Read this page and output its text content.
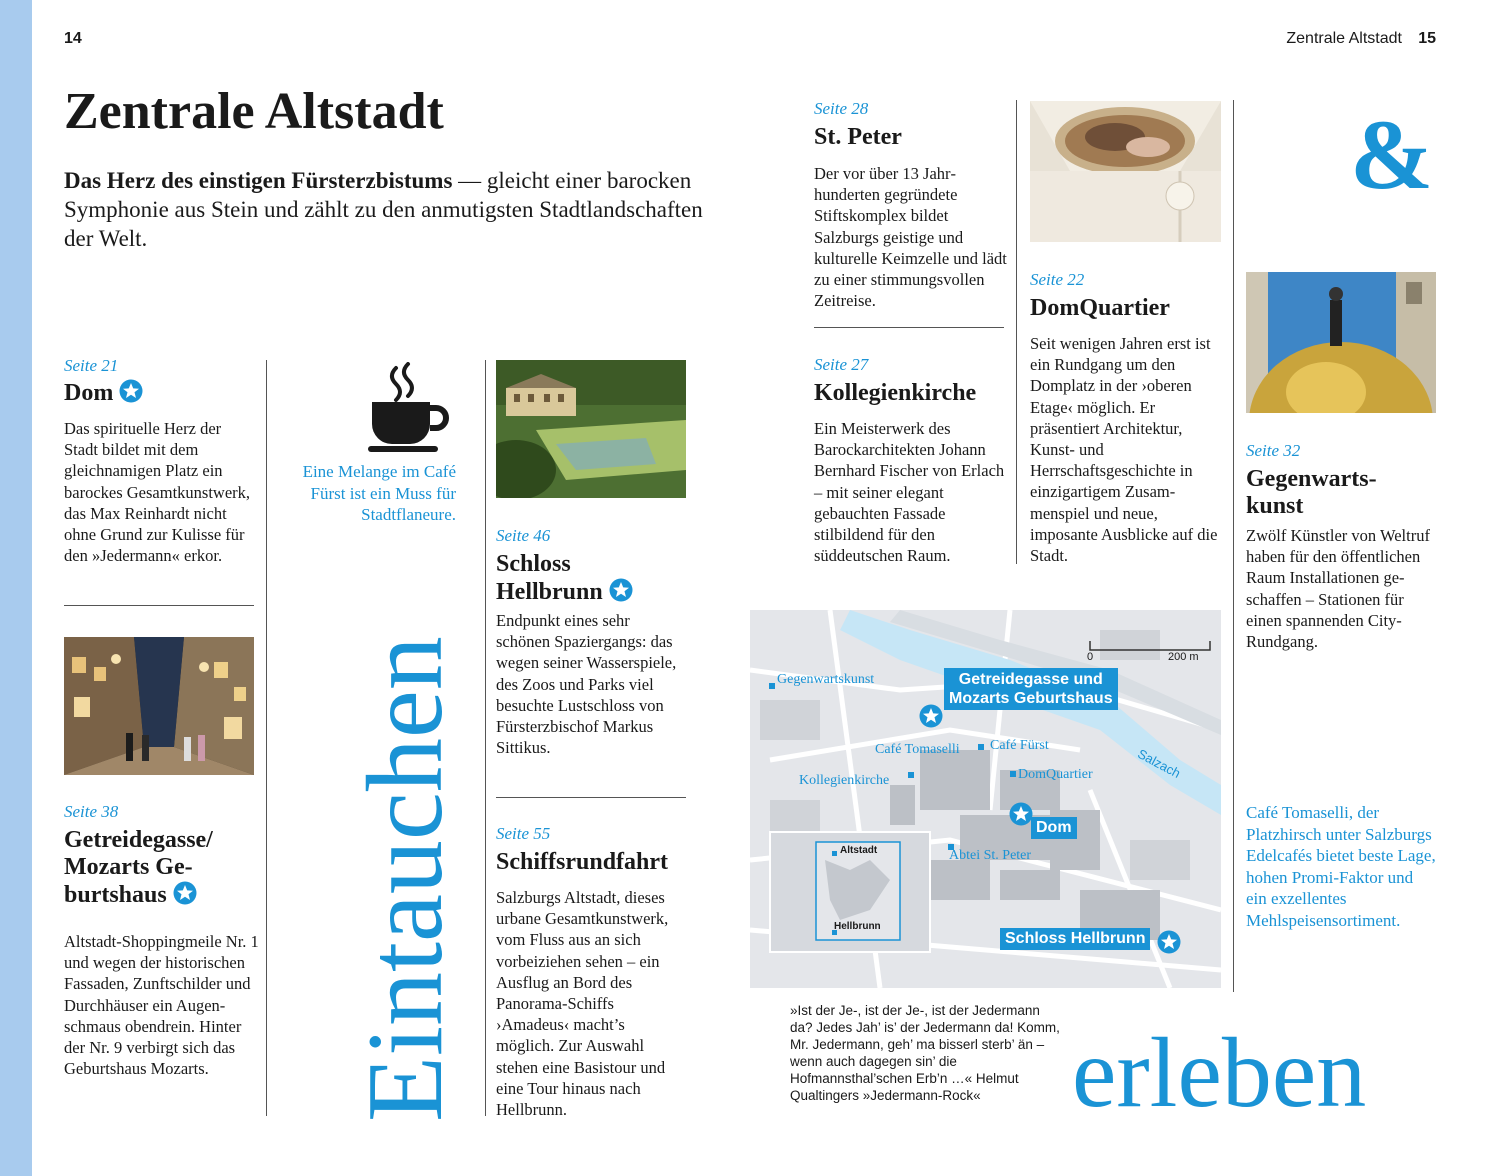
14	Zentrale Altstadt 15
Zentrale Altstadt
Das Herz des einstigen Fürsterzbistums — gleicht einer barocken Symphonie aus Stein und zählt zu den anmutigsten Stadtlandschaften der Welt.
Seite 21
Dom
Das spirituelle Herz der Stadt bildet mit dem gleichnamigen Platz ein barockes Gesamtkunstwerk, das Max Reinhardt nicht ohne Grund zur Kulisse für den »Jedermann« erkor.
Seite 38
Getreidegasse/
Mozarts Ge-
burtshaus
Altstadt-Shoppingmeile Nr. 1 und wegen der historischen Fassaden, Zunftschilder und Durchhäuser ein Augenschmaus obendrein. Hinter der Nr. 9 verbirgt sich das Geburtshaus Mozarts.
Eine Melange im Café Fürst ist ein Muss für Stadtflaneure.
Eintauchen
Seite 46
Schloss
Hellbrunn
Endpunkt eines sehr schönen Spaziergangs: das wegen seiner Wasserspiele, des Zoos und Parks viel besuchte Lustschloss von Fürsterzbischof Markus Sittikus.
Seite 55
Schiffsrundfahrt
Salzburgs Altstadt, dieses urbane Gesamtkunstwerk, vom Fluss aus an sich vorbeiziehen sehen – ein Ausflug an Bord des Panorama-Schiffs ›Amadeus‹ macht’s möglich. Zur Auswahl stehen eine Basistour und eine Tour hinaus nach Hellbrunn.
Seite 28
St. Peter
Der vor über 13 Jahrhunderten gegründete Stiftskomplex bildet Salzburgs geistige und kulturelle Keimzelle und lädt zu einer stimmungsvollen Zeitreise.
Seite 27
Kollegienkirche
Ein Meisterwerk des Barockarchitekten Johann Bernhard Fischer von Erlach – mit seiner elegant gebauchten Fassade stilbildend für den süddeutschen Raum.
Seite 22
DomQuartier
Seit wenigen Jahren erst ist ein Rundgang um den Domplatz in der ›oberen Etage‹ möglich. Er präsentiert Architektur, Kunst- und Herrschaftsgeschichte in einzigartigem Zusammenspiel und neue, imposante Ausblicke auf die Stadt.
&
Seite 32
Gegenwarts-
kunst
Zwölf Künstler von Weltruf haben für den öffentlichen Raum Installationen geschaffen – Stationen für einen spannenden City-Rundgang.
Café Tomaselli, der Platzhirsch unter Salzburgs Edelcafés bietet beste Lage, hohen Promi-Faktor und ein exzellentes Mehlspeisensortiment.
0	200 m
Gegenwartskunst	Getreidegasse und
Mozarts Geburtshaus
Café Tomaselli Café Fürst
DomQuartier
Kollegienkirche
Dom
Abtei St. Peter
Altstadt
Hellbrunn
Schloss Hellbrunn
Salzach
»Ist der Je-, ist der Je-, ist der Jedermann da? Jedes Jah’ is’ der Jedermann da! Komm, Mr. Jedermann, geh’ ma bisserl sterb’ än – wenn auch dagegen sin’ die Hofmannsthal’schen Erb’n …« Helmut Qualtingers »Jedermann-Rock« erleben
